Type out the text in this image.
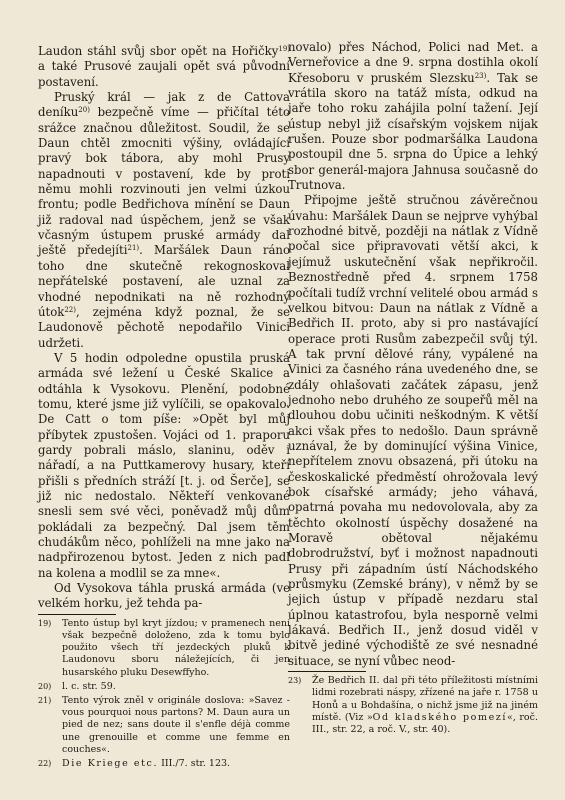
Laudon stáhl svůj sbor opět na Hořičky$^{19)}$ a také Prusové zaujali opět svá původní postavení.

Pruský král — jak z de Cattova deníku$^{20)}$ bezpečně víme — přičítal této srážce značnou důležitost. Soudil, že se Daun chtěl zmocniti výšiny, ovládající pravý bok tábora, aby mohl Prusy napadnouti v postavení, kde by proti němu mohli rozvinouti jen velmi úzkou frontu; podle Bedřichova mínění se Daun již radoval nad úspěchem, jenž se však včasným ústupem pruské armády dal ještě předejíti$^{21)}$. Maršálek Daun ráno toho dne skutečně rekognoskoval nepřátelské postavení, ale uznal za vhodné nepodnikati na ně rozhodný útok$^{22)}$, zejména když poznal, že se Laudonově pěchotě nepodařilo Vinici udržeti.

V 5 hodin odpoledne opustila pruská armáda své ležení u České Skalice a odtáhla k Vysokovu. Plenění, podobné tomu, které jsme již vylíčili, se opakovalo. De Catt o tom píše: »Opět byl můj příbytek zpustošen. Vojáci od 1. praporu gardy pobrali máslo, slaninu, oděv i nářadí, a na Puttkamerovy husary, kteří přišli s předních stráží [t. j. od Šerče], se již nic nedostalo. Někteří venkované snesli sem své věci, poněvadž můj dům pokládali za bezpečný. Dal jsem těm chudákům něco, pohlíželi na mne jako na nadpřirozenou bytost. Jeden z nich padl na kolena a modlil se za mne«.

Od Vysokova táhla pruská armáda (ve velkém horku, jež tehda pa-

19)	Tento ústup byl kryt jízdou; v pramenech není však bezpečně doloženo, zda k tomu bylo použito všech tří jezdeckých pluků k Laudonovu sboru náležejících, či jen husarského pluku Desewffyho.
20)	l. c. str. 59.
21)	Tento výrok zněl v originále doslova: »Savez - vous pourquoi nous partons? M. Daun aura un pied de nez; sans doute il s'enfle déjà comme une grenouille et comme une femme en couches«.
22)	Die Kriege etc. III./7. str. 123.

novalo) přes Náchod, Polici nad Met. a Verneřovice a dne 9. srpna dostihla okolí Křesoboru v pruském Slezsku$^{23)}$. Tak se vrátila skoro na tatáž místa, odkud na jaře toho roku zahájila polní tažení. Její ústup nebyl již císařským vojskem nijak rušen. Pouze sbor podmaršálka Laudona postoupil dne 5. srpna do Úpice a lehký sbor generál-majora Jahnusa současně do Trutnova.

Připojme ještě stručnou závěrečnou úvahu: Maršálek Daun se nejprve vyhýbal rozhodné bitvě, později na nátlak z Vídně počal sice připravovati větší akci, k jejímuž uskutečnění však nepřikročil. Beznostředně před 4. srpnem 1758 počítali tudíž vrchní velitelé obou armád s velkou bitvou: Daun na nátlak z Vídně a Bedřich II. proto, aby si pro nastávající operace proti Rusům zabezpečil svůj týl. A tak první dělové rány, vypálené na Vinici za časného rána uvedeného dne, se zdály ohlašovati začátek zápasu, jenž jednoho nebo druhého ze soupeřů měl na dlouhou dobu učiniti neškodným. K větší akci však přes to nedošlo. Daun správně uznával, že by dominující výšina Vinice, nepřítelem znovu obsazená, při útoku na českoskalické předměstí ohrožovala levý bok císařské armády; jeho váhavá, opatrná povaha mu nedovolovala, aby za těchto okolností úspěchy dosažené na Moravě obětoval nějakému dobrodružství, byť i možnost napadnouti Prusy při západním ústí Náchodského průsmyku (Zemské brány), v němž by se jejich ústup v případě nezdaru stal úplnou katastrofou, byla nesporně velmi lákavá. Bedřich II., jenž dosud viděl v bitvě jediné východiště ze své nesnadné situace, se nyní vůbec neod-

23)	Že Bedřich II. dal při této příležitosti místními lidmi rozebrati náspy, zřízené na jaře r. 1758 u Honů a u Bohdašína, o nichž jsme již na jiném místě. (Viz »Od kladského pomezí«, roč. III., str. 22, a roč. V., str. 40).
